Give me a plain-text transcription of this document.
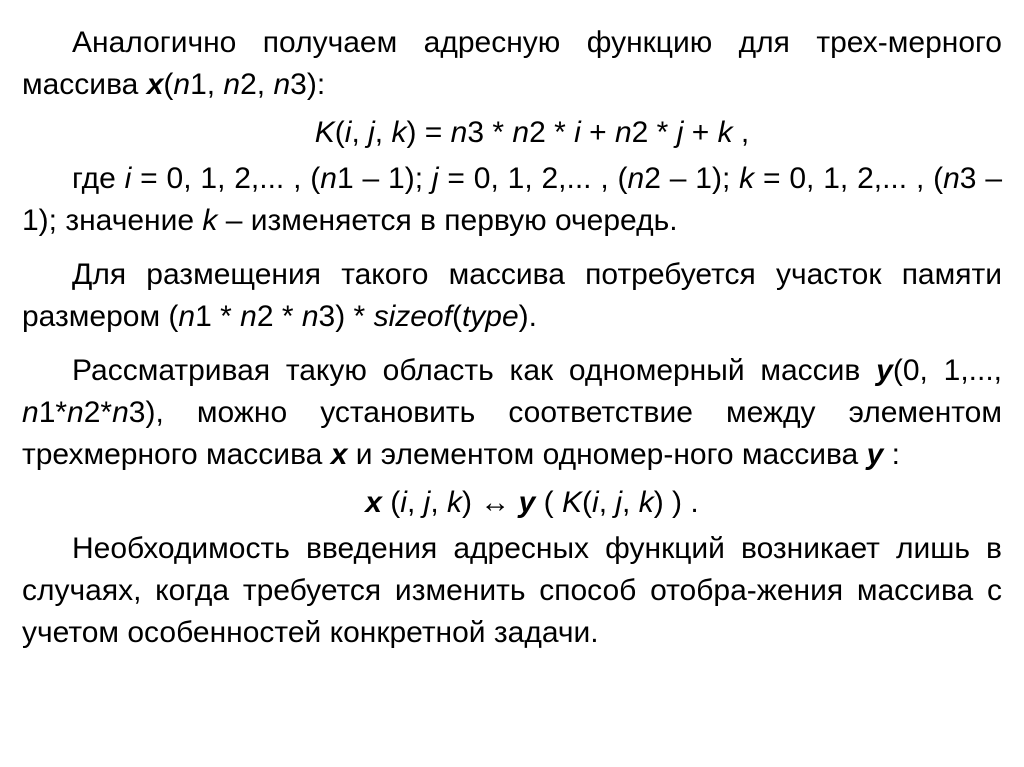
Аналогично получаем адресную функцию для трех-мерного массива x(n1, n2, n3):

K(i, j, k) = n3 * n2 * i + n2 * j + k ,

где i = 0, 1, 2,... , (n1 – 1); j = 0, 1, 2,... , (n2 – 1); k = 0, 1, 2,... , (n3 – 1); значение k – изменяется в первую очередь.

Для размещения такого массива потребуется участок памяти размером (n1 * n2 * n3) * sizeof(type).

Рассматривая такую область как одномерный массив y(0, 1,..., n1*n2*n3), можно установить соответствие между элементом трехмерного массива x и элементом одномер-ного массива y :

x (i, j, k) ↔ y ( K(i, j, k) ) .

Необходимость введения адресных функций возникает лишь в случаях, когда требуется изменить способ отобра-жения массива с учетом особенностей конкретной задачи.
